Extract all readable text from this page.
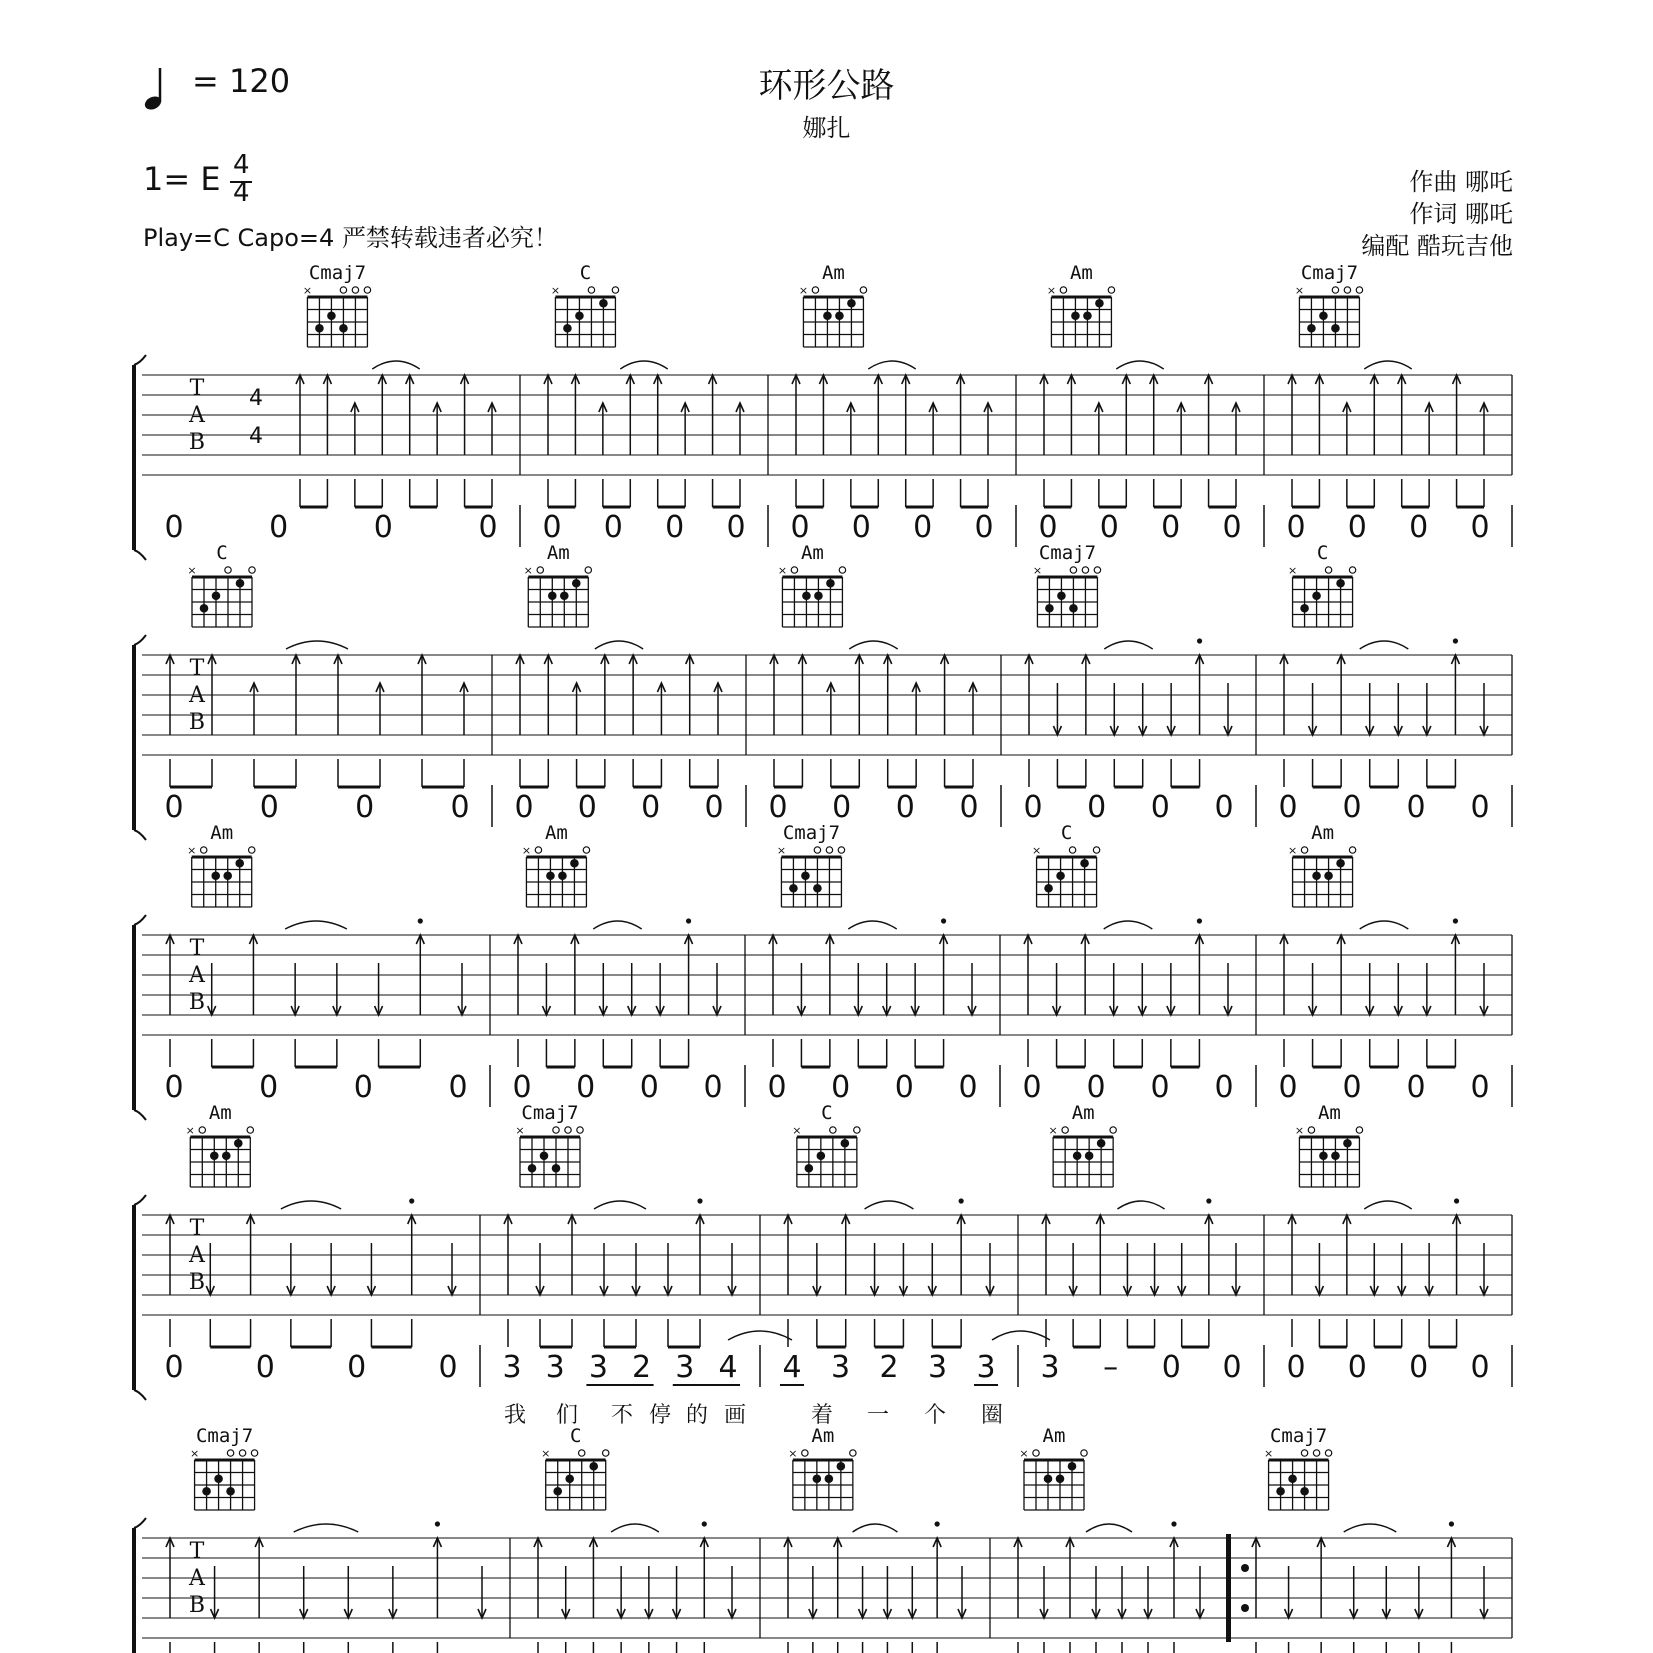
环形公路
娜扎
= 120
1= E 4
4
Play=C Capo=4 严禁转载违者必究！
作曲 哪吒
作词 哪吒
编配 酷玩吉他
T
A
B
4
4
Cmaj7
×
0	0	0	0
C
×
0 0 0 0
Am
×
0 0 0 0
Am
×
0 0 0 0
Cmaj7
×
0 0 0 0
T
A
B
C
×
0	0	0	0
Am
×
0 0 0 0
Am
×
0 0 0 0
Cmaj7
×
0 0 0 0
C
×
0 0 0 0
T
A
B
Am
×
0	0	0	0
Am
×
0 0 0 0
Cmaj7
×
0 0 0 0
C
×
0 0 0 0
Am
×
0 0 0 0
T
A
B
Am
×
0 0 0 0
Cmaj7
×
3 3 3 2 3 4
C
×
4 3 2 3 3
Am
×
3 – 0 0
Am
×
0 0 0 0
T
A
B
Cmaj7
×
C
×
Am
×
Am
×
Cmaj7
×
我 们 不 停 的 画	着 一 个 圈
